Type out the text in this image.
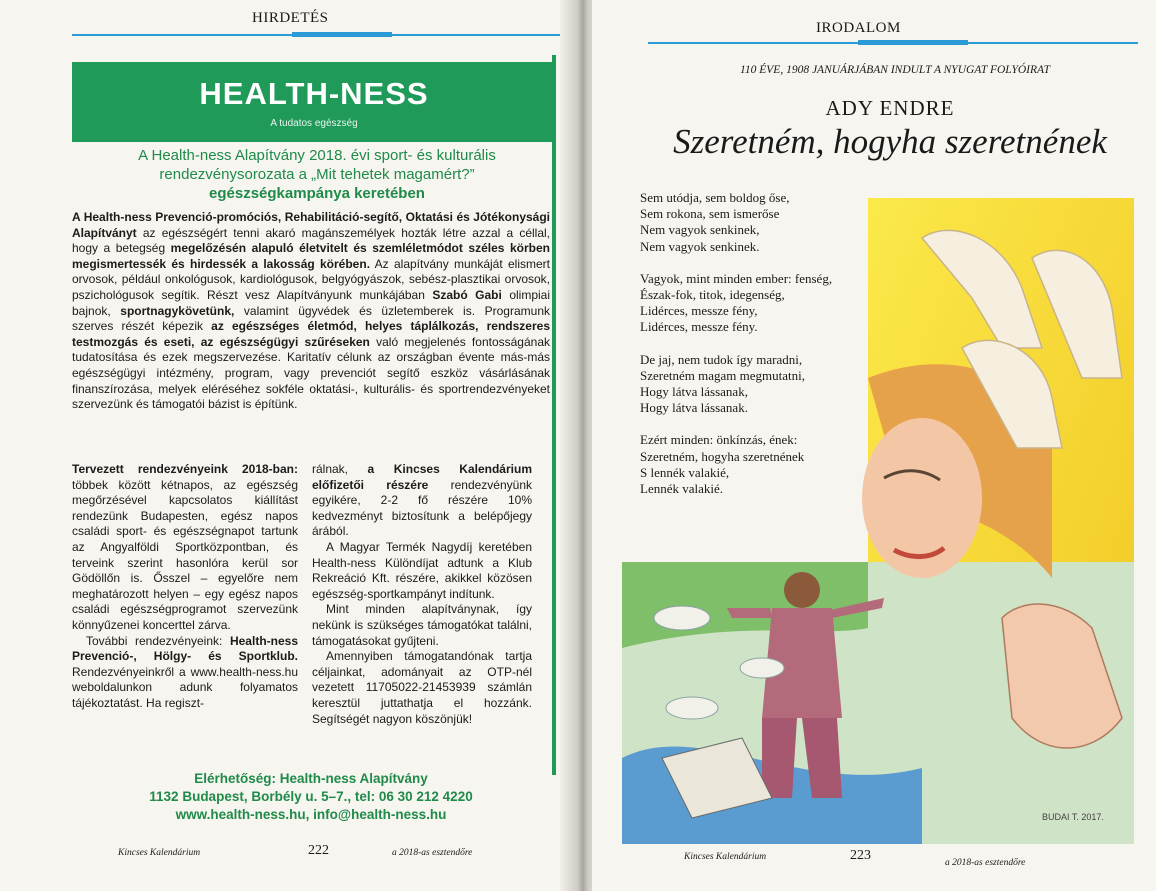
HIRDETÉS
HEALTH-NESS
A tudatos egészség
A Health-ness Alapítvány 2018. évi sport- és kulturális
rendezvénysorozata a „Mit tehetek magamért?”
egészségkampánya keretében

A Health-ness Prevenció-promóciós, Rehabilitáció-segítő, Oktatási és Jótékonysági Alapítványt az egészségért tenni akaró magánszemélyek hozták létre azzal a céllal, hogy a betegség megelőzésén alapuló életvitelt és szemléletmódot széles körben megismertessék és hirdessék a lakosság körében. Az alapítvány munkáját elismert orvosok, például onkológusok, kardiológusok, belgyógyászok, sebész-plasztikai orvosok, pszichológusok segítik. Részt vesz Alapítványunk munkájában Szabó Gabi olimpiai bajnok, sportnagykövetünk, valamint ügyvédek és üzletemberek is. Programunk szerves részét képezik az egészséges életmód, helyes táplálkozás, rendszeres testmozgás és eseti, az egészségügyi szűréseken való megjelenés fontosságának tudatosítása és ezek megszervezése. Karitatív célunk az országban évente más-más egészségügyi intézmény, program, vagy prevenciót segítő eszköz vásárlásának finanszírozása, melyek eléréséhez sokféle oktatási-, kulturális- és sportrendezvényeket szervezünk és támogatói bázist is építünk.

Tervezett rendezvényeink 2018-ban: többek között kétnapos, az egészség megőrzésével kapcsolatos kiállítást rendezünk Budapesten, egész napos családi sport- és egészségnapot tartunk az Angyalföldi Sportközpontban, és terveink szerint hasonlóra kerül sor Gödöllőn is. Ősszel – egyelőre nem meghatározott helyen – egy egész napos családi egészségprogramot szervezünk könnyűzenei koncerttel zárva.

További rendezvényeink: Health-ness Prevenció-, Hölgy- és Sportklub. Rendezvényeinkről a www.health-ness.hu weboldalunkon adunk folyamatos tájékoztatást. Ha regiszt-

rálnak, a Kincses Kalendárium előfizetői részére rendezvényünk egyikére, 2-2 fő részére 10% kedvezményt biztosítunk a belépőjegy árából.

A Magyar Termék Nagydíj keretében Health-ness Különdíjat adtunk a Klub Rekreáció Kft. részére, akikkel közösen egészség-sportkampányt indítunk.

Mint minden alapítványnak, így nekünk is szükséges támogatókat találni, támogatásokat gyűjteni.

Amennyiben támogatandónak tartja céljainkat, adományait az OTP-nél vezetett 11705022-21453939 számlán keresztül juttathatja el hozzánk. Segítségét nagyon köszönjük!

Elérhetőség: Health-ness Alapítvány
1132 Budapest, Borbély u. 5–7., tel: 06 30 212 4220
www.health-ness.hu, info@health-ness.hu
Kincses Kalendárium	222	a 2018-as esztendőre
IRODALOM
110 ÉVE, 1908 JANUÁRJÁBAN INDULT A NYUGAT FOLYÓIRAT
ADY ENDRE
Szeretném, hogyha szeretnének
BUDAI T. 2017.
Sem utódja, sem boldog őse,
Sem rokona, sem ismerőse
Nem vagyok senkinek,
Nem vagyok senkinek.
Vagyok, mint minden ember: fenség,
Észak-fok, titok, idegenség,
Lidérces, messze fény,
Lidérces, messze fény.
De jaj, nem tudok így maradni,
Szeretném magam megmutatni,
Hogy látva lássanak,
Hogy látva lássanak.
Ezért minden: önkínzás, ének:
Szeretném, hogyha szeretnének
S lennék valakié,
Lennék valakié.
Kincses Kalendárium	223	a 2018-as esztendőre
